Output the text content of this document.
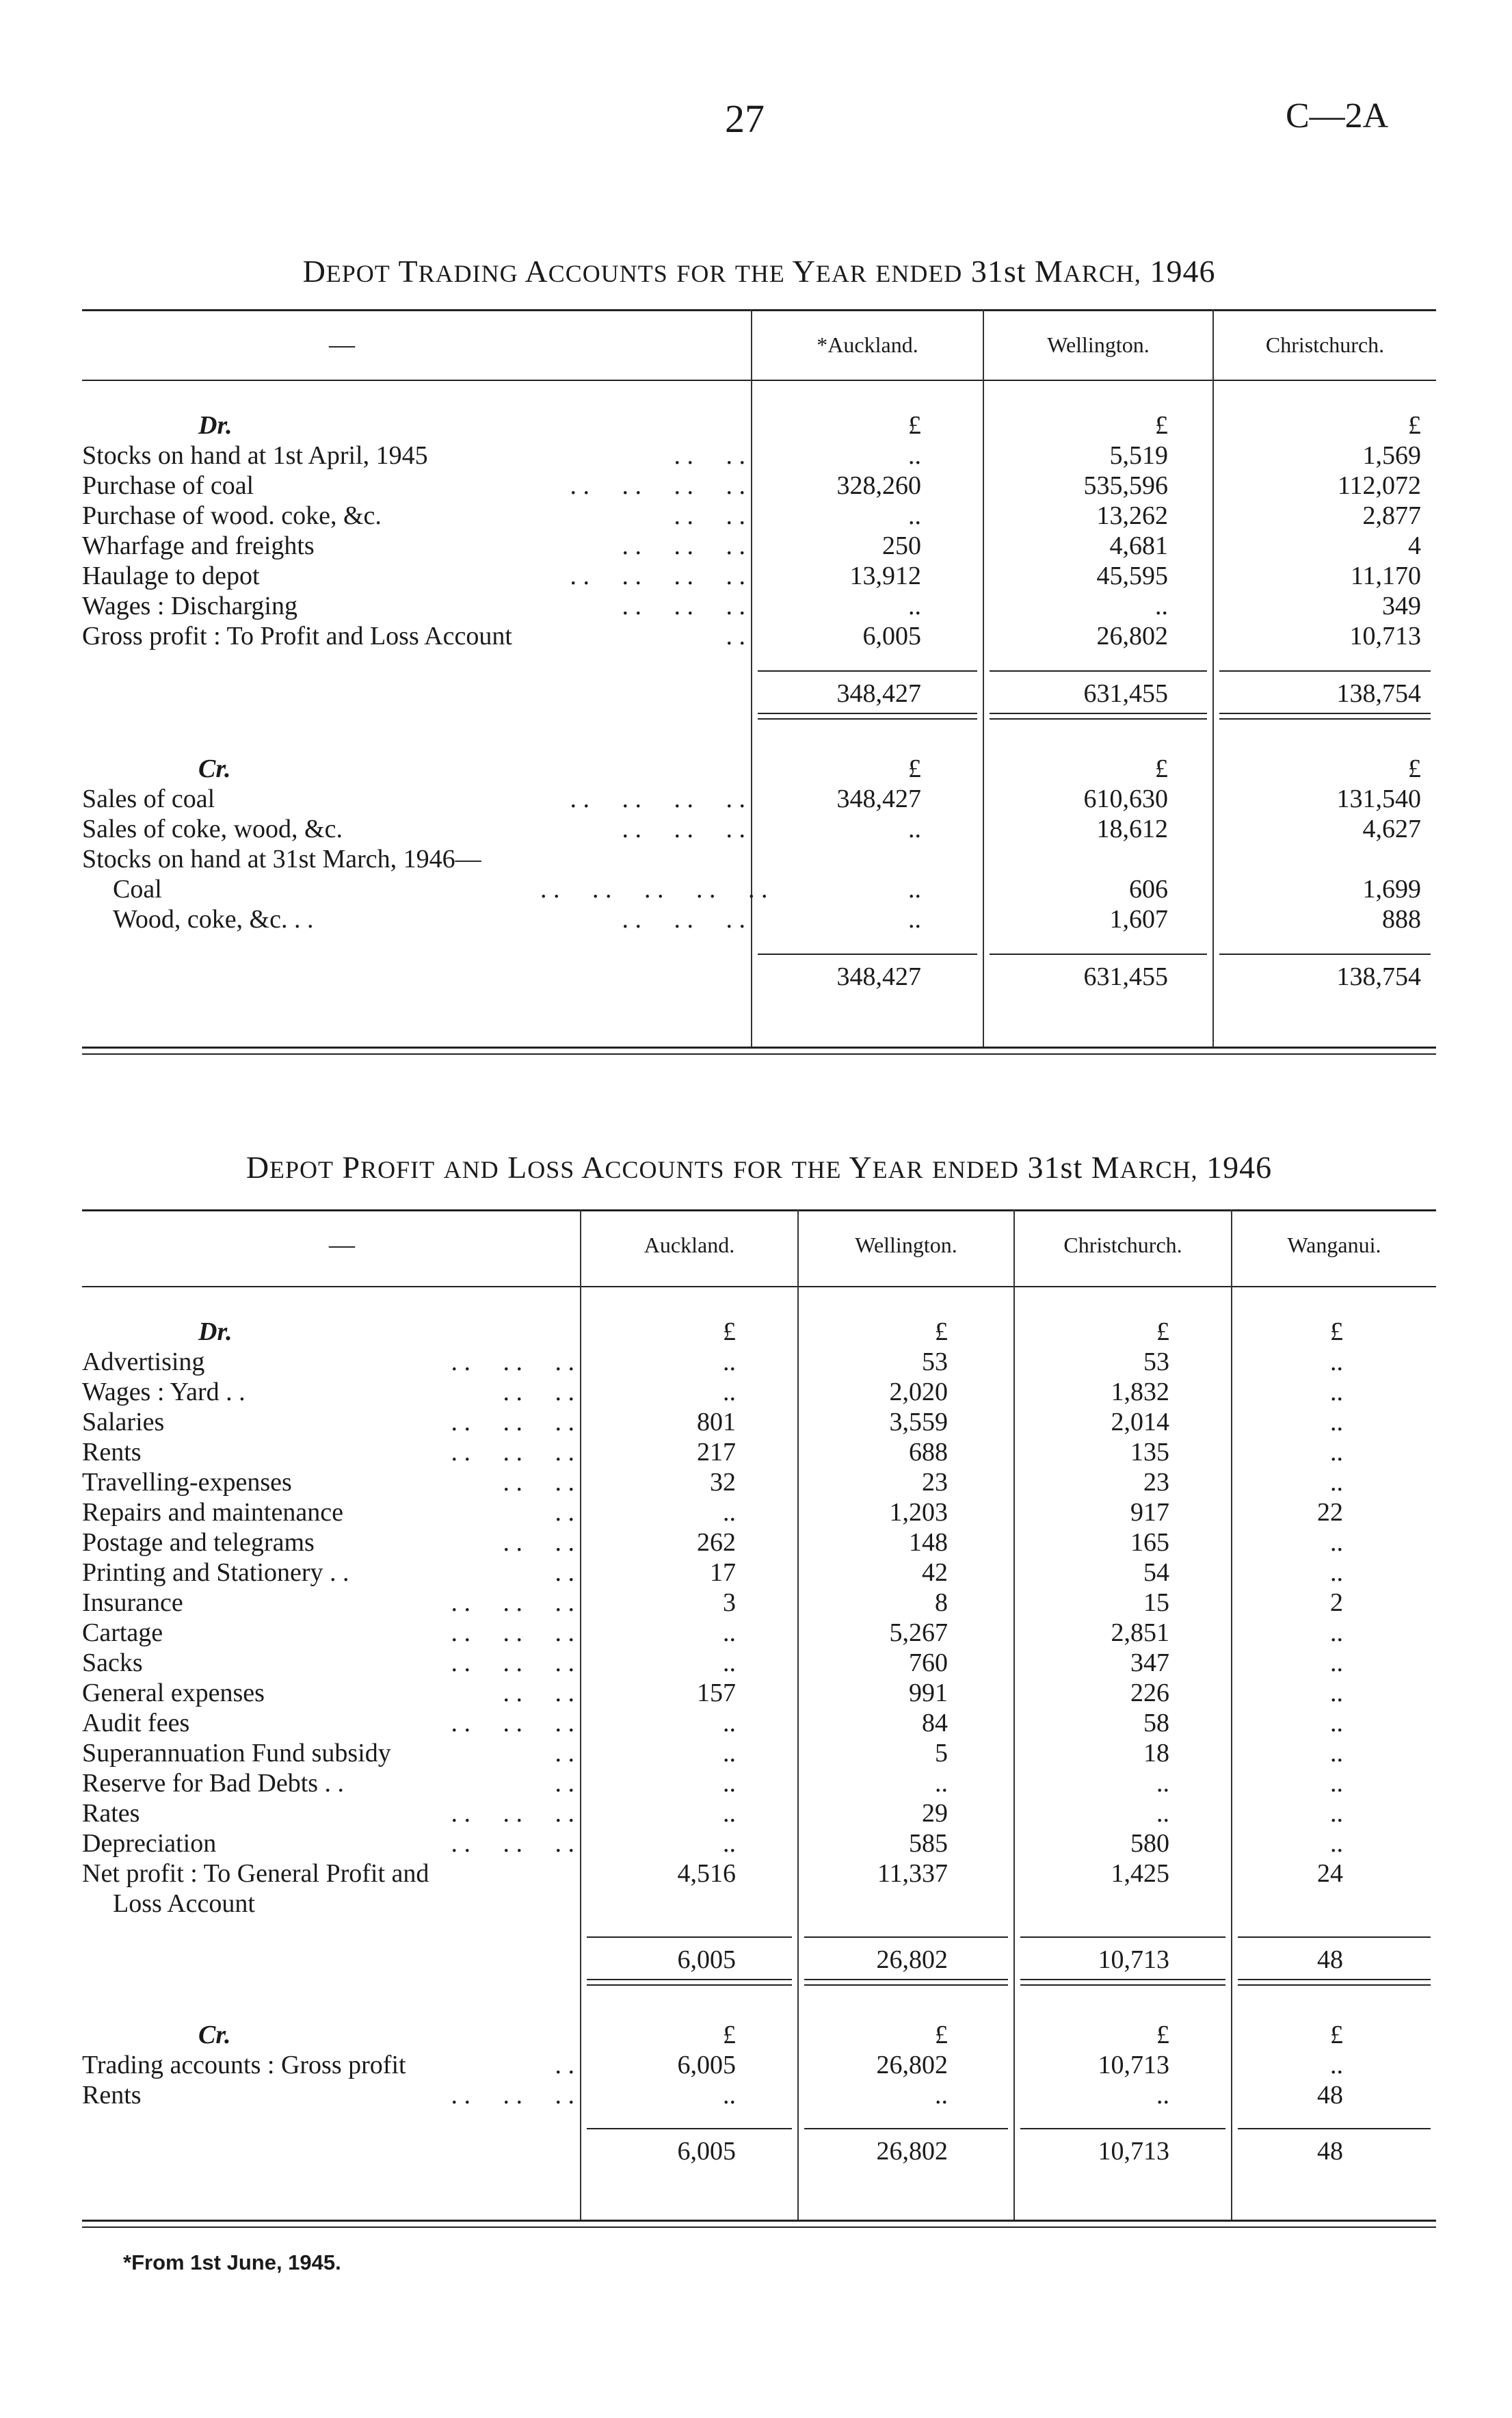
27	C—2A
DEPOT TRADING ACCOUNTS FOR THE YEAR ENDED 31st MARCH, 1946
—	*Auckland.	Wellington.	Christchurch.
Dr.	£	£	£
Stocks on hand at 1st April, 1945	. .     . .	..	5,519	1,569
Purchase of coal	. .     . .     . .     . .	328,260	535,596	112,072
Purchase of wood. coke, &c.	. .     . .	..	13,262	2,877
Wharfage and freights	. .     . .     . .	250	4,681	4
Haulage to depot	. .     . .     . .     . .	13,912	45,595	11,170
Wages : Discharging	. .     . .     . .	..	..	349
Gross profit : To Profit and Loss Account	. .	6,005	26,802	10,713
348,427	631,455	138,754
Cr.	£	£	£
Sales of coal	. .     . .     . .     . .	348,427	610,630	131,540
Sales of coke, wood, &c.	. .     . .     . .	..	18,612	4,627
Stocks on hand at 31st March, 1946—
Coal	. .     . .     . .     . .     . .	..	606	1,699
Wood, coke, &c. . .	. .     . .     . .	..	1,607	888
348,427	631,455	138,754
DEPOT PROFIT AND LOSS ACCOUNTS FOR THE YEAR ENDED 31st MARCH, 1946
—	Auckland.	Wellington.	Christchurch.	Wanganui.
Dr.	£	£	£	£
Advertising	. .     . .     . .	..	53	53	..
Wages : Yard . .	. .     . .	..	2,020	1,832	..
Salaries	. .     . .     . .	801	3,559	2,014	..
Rents	. .     . .     . .	217	688	135	..
Travelling-expenses	. .     . .	32	23	23	..
Repairs and maintenance	. .	..	1,203	917	22
Postage and telegrams	. .     . .	262	148	165	..
Printing and Stationery . .	. .	17	42	54	..
Insurance	. .     . .     . .	3	8	15	2
Cartage	. .     . .     . .	..	5,267	2,851	..
Sacks	. .     . .     . .	..	760	347	..
General expenses	. .     . .	157	991	226	..
Audit fees	. .     . .     . .	..	84	58	..
Superannuation Fund subsidy	. .	..	5	18	..
Reserve for Bad Debts . .	. .	..	..	..	..
Rates	. .     . .     . .	..	29	..	..
Depreciation	. .     . .     . .	..	585	580	..
Net profit : To General Profit and	4,516	11,337	1,425	24
Loss Account
6,005	26,802	10,713	48
Cr.	£	£	£	£
Trading accounts : Gross profit	. .	6,005	26,802	10,713	..
Rents	. .     . .     . .	..	..	..	48
6,005	26,802	10,713	48
*From 1st June, 1945.
